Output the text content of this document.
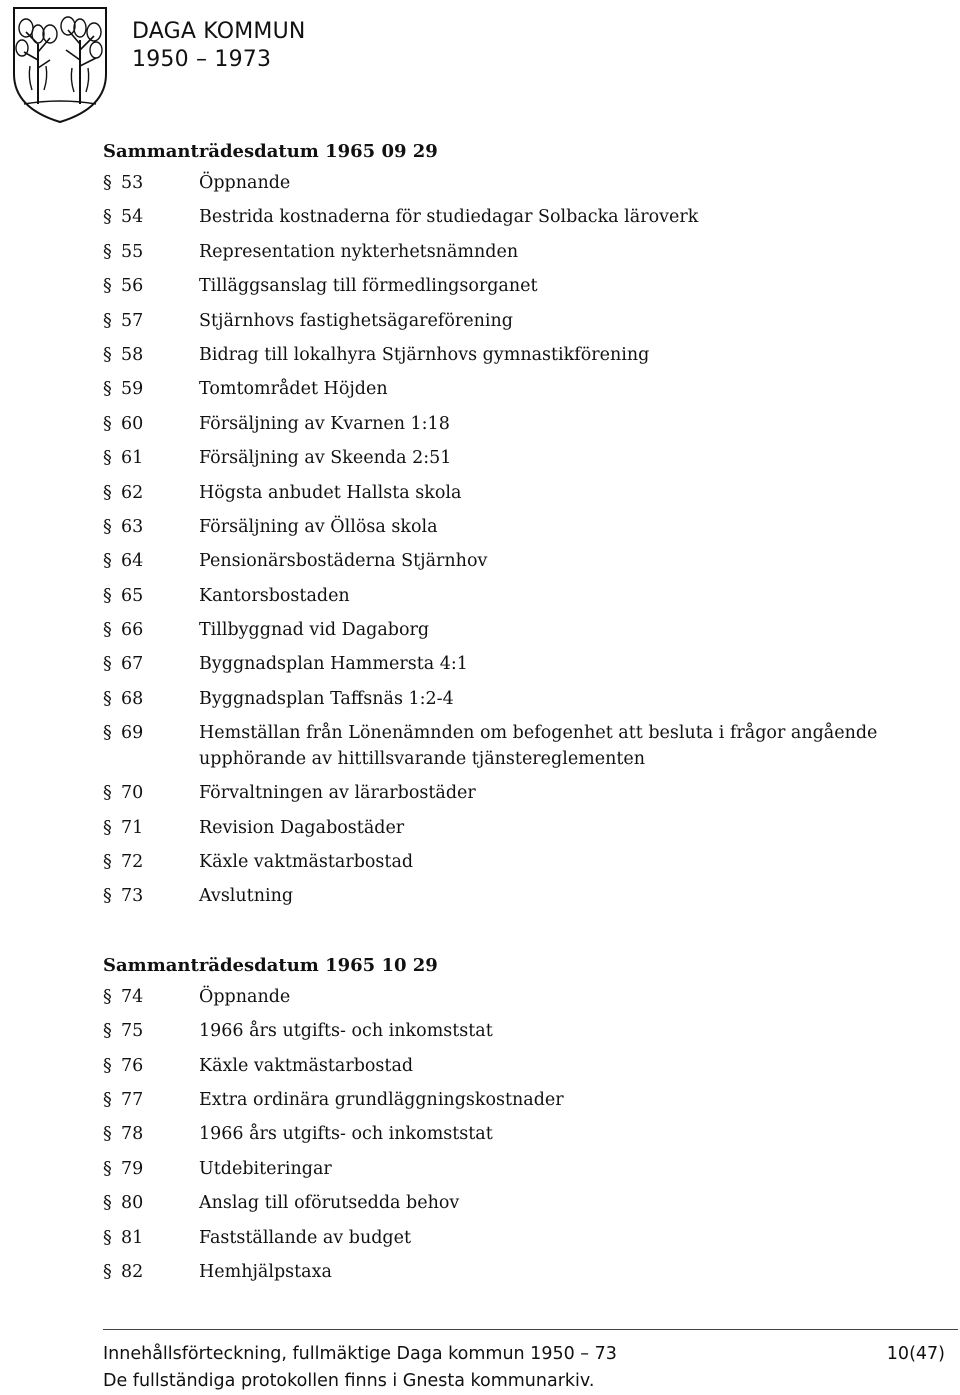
DAGA KOMMUN
1950 – 1973
Sammanträdesdatum 1965 09 29
§ 53	Öppnande
§ 54	Bestrida kostnaderna för studiedagar Solbacka läroverk
§ 55	Representation nykterhetsnämnden
§ 56	Tilläggsanslag till förmedlingsorganet
§ 57	Stjärnhovs fastighetsägareförening
§ 58	Bidrag till lokalhyra Stjärnhovs gymnastikförening
§ 59	Tomtområdet Höjden
§ 60	Försäljning av Kvarnen 1:18
§ 61	Försäljning av Skeenda 2:51
§ 62	Högsta anbudet Hallsta skola
§ 63	Försäljning av Öllösa skola
§ 64	Pensionärsbostäderna Stjärnhov
§ 65	Kantorsbostaden
§ 66	Tillbyggnad vid Dagaborg
§ 67	Byggnadsplan Hammersta 4:1
§ 68	Byggnadsplan Taffsnäs 1:2-4
§ 69	Hemställan från Lönenämnden om befogenhet att besluta i frågor angående upphörande av hittillsvarande tjänstereglementen
§ 70	Förvaltningen av lärarbostäder
§ 71	Revision Dagabostäder
§ 72	Käxle vaktmästarbostad
§ 73	Avslutning
Sammanträdesdatum 1965 10 29
§ 74	Öppnande
§ 75	1966 års utgifts- och inkomststat
§ 76	Käxle vaktmästarbostad
§ 77	Extra ordinära grundläggningskostnader
§ 78	1966 års utgifts- och inkomststat
§ 79	Utdebiteringar
§ 80	Anslag till oförutsedda behov
§ 81	Fastställande av budget
§ 82	Hemhjälpstaxa
Innehållsförteckning, fullmäktige Daga kommun 1950 – 73	10(47)
De fullständiga protokollen finns i Gnesta kommunarkiv.
